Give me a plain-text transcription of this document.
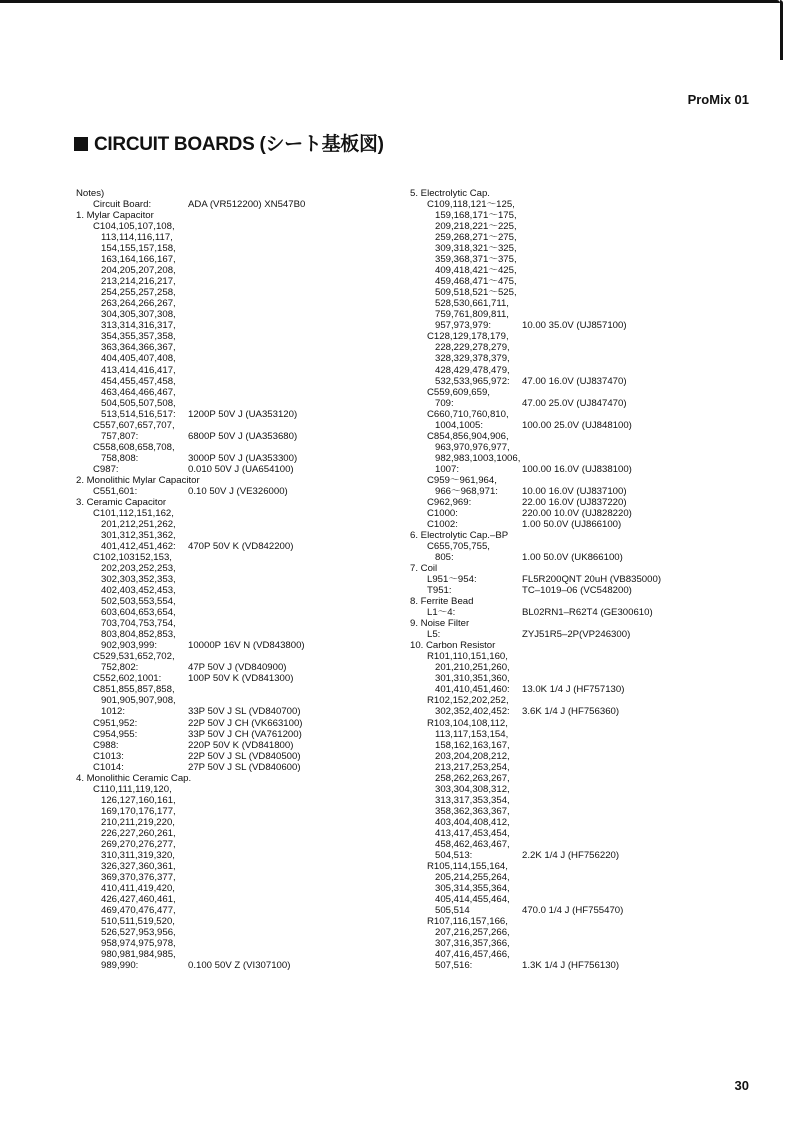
ProMix 01
CIRCUIT BOARDS (シート基板図)
Notes)
Circuit Board:	ADA (VR512200) XN547B0
1. Mylar Capacitor
C104,105,107,108,
113,114,116,117,
154,155,157,158,
163,164,166,167,
204,205,207,208,
213,214,216,217,
254,255,257,258,
263,264,266,267,
304,305,307,308,
313,314,316,317,
354,355,357,358,
363,364,366,367,
404,405,407,408,
413,414,416,417,
454,455,457,458,
463,464,466,467,
504,505,507,508,
513,514,516,517: 1200P 50V J (UA353120)
C557,607,657,707,
757,807:	6800P 50V J (UA353680)
C558,608,658,708,
758,808:	3000P 50V J (UA353300)
C987:	0.010 50V J (UA654100)
2. Monolithic Mylar Capacitor
C551,601:	0.10 50V J (VE326000)
3. Ceramic Capacitor
C101,112,151,162,
201,212,251,262,
301,312,351,362,
401,412,451,462: 470P 50V K (VD842200)
C102,103152,153,
202,203,252,253,
302,303,352,353,
402,403,452,453,
502,503,553,554,
603,604,653,654,
703,704,753,754,
803,804,852,853,
902,903,999:	10000P 16V N (VD843800)
C529,531,652,702,
752,802:	47P 50V J (VD840900)
C552,602,1001:	100P 50V K (VD841300)
C851,855,857,858,
901,905,907,908,
1012:	33P 50V J SL (VD840700)
C951,952:	22P 50V J CH (VK663100)
C954,955:	33P 50V J CH (VA761200)
C988:	220P 50V K (VD841800)
C1013:	22P 50V J SL (VD840500)
C1014:	27P 50V J SL (VD840600)
4. Monolithic Ceramic Cap.
C110,111,119,120,
126,127,160,161,
169,170,176,177,
210,211,219,220,
226,227,260,261,
269,270,276,277,
310,311,319,320,
326,327,360,361,
369,370,376,377,
410,411,419,420,
426,427,460,461,
469,470,476,477,
510,511,519,520,
526,527,953,956,
958,974,975,978,
980,981,984,985,
989,990:	0.100 50V Z (VI307100)
5. Electrolytic Cap.
C109,118,121～125,
159,168,171～175,
209,218,221～225,
259,268,271～275,
309,318,321～325,
359,368,371～375,
409,418,421～425,
459,468,471～475,
509,518,521～525,
528,530,661,711,
759,761,809,811,
957,973,979:	10.00 35.0V (UJ857100)
C128,129,178,179,
228,229,278,279,
328,329,378,379,
428,429,478,479,
532,533,965,972: 47.00 16.0V (UJ837470)
C559,609,659,
709:	47.00 25.0V (UJ847470)
C660,710,760,810,
1004,1005:	100.00 25.0V (UJ848100)
C854,856,904,906,
963,970,976,977,
982,983,1003,1006,
1007:	100.00 16.0V (UJ838100)
C959～961,964,
966～968,971:	10.00 16.0V (UJ837100)
C962,969:	22.00 16.0V (UJ837220)
C1000:	220.00 10.0V (UJ828220)
C1002:	1.00 50.0V (UJ866100)
6. Electrolytic Cap.–BP
C655,705,755,
805:	1.00 50.0V (UK866100)
7. Coil
L951～954:	FL5R200QNT 20uH (VB835000)
T951:	TC–1019–06 (VC548200)
8. Ferrite Bead
L1～4:	BL02RN1–R62T4 (GE300610)
9. Noise Filter
L5:	ZYJ51R5–2P(VP246300)
10. Carbon Resistor
R101,110,151,160,
201,210,251,260,
301,310,351,360,
401,410,451,460: 13.0K 1/4 J (HF757130)
R102,152,202,252,
302,352,402,452: 3.6K 1/4 J (HF756360)
R103,104,108,112,
113,117,153,154,
158,162,163,167,
203,204,208,212,
213,217,253,254,
258,262,263,267,
303,304,308,312,
313,317,353,354,
358,362,363,367,
403,404,408,412,
413,417,453,454,
458,462,463,467,
504,513:	2.2K 1/4 J (HF756220)
R105,114,155,164,
205,214,255,264,
305,314,355,364,
405,414,455,464,
505,514	470.0 1/4 J (HF755470)
R107,116,157,166,
207,216,257,266,
307,316,357,366,
407,416,457,466,
507,516:	1.3K 1/4 J (HF756130)
30
